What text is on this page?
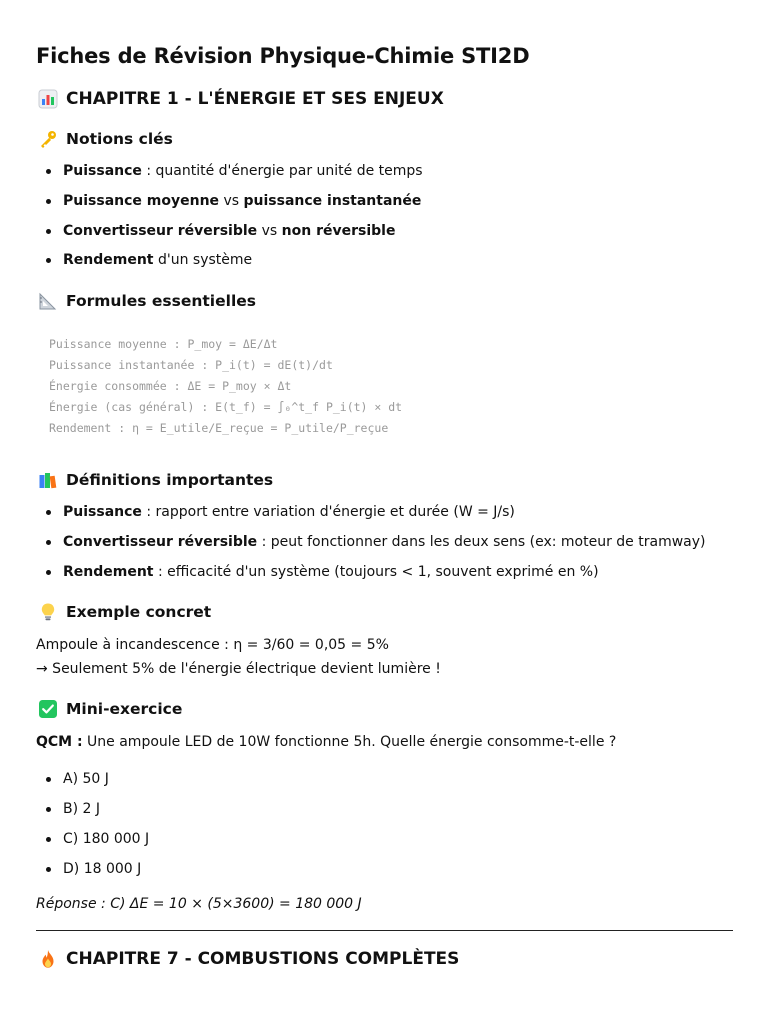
Fiches de Révision Physique-Chimie STI2D
CHAPITRE 1 - L'ÉNERGIE ET SES ENJEUX
Notions clés
Puissance : quantité d'énergie par unité de temps
Puissance moyenne vs puissance instantanée
Convertisseur réversible vs non réversible
Rendement d'un système
Formules essentielles
Puissance moyenne : P_moy = ΔE/Δt
Puissance instantanée : P_i(t) = dE(t)/dt
Énergie consommée : ΔE = P_moy × Δt
Énergie (cas général) : E(t_f) = ∫₀^t_f P_i(t) × dt
Rendement : η = E_utile/E_reçue = P_utile/P_reçue
Définitions importantes
Puissance : rapport entre variation d'énergie et durée (W = J/s)
Convertisseur réversible : peut fonctionner dans les deux sens (ex: moteur de tramway)
Rendement : efficacité d'un système (toujours < 1, souvent exprimé en %)
Exemple concret
Ampoule à incandescence : η = 3/60 = 0,05 = 5%
→ Seulement 5% de l'énergie électrique devient lumière !
Mini-exercice
QCM : Une ampoule LED de 10W fonctionne 5h. Quelle énergie consomme-t-elle ?
A) 50 J
B) 2 J
C) 180 000 J
D) 18 000 J
Réponse : C) ΔE = 10 × (5×3600) = 180 000 J
CHAPITRE 7 - COMBUSTIONS COMPLÈTES
